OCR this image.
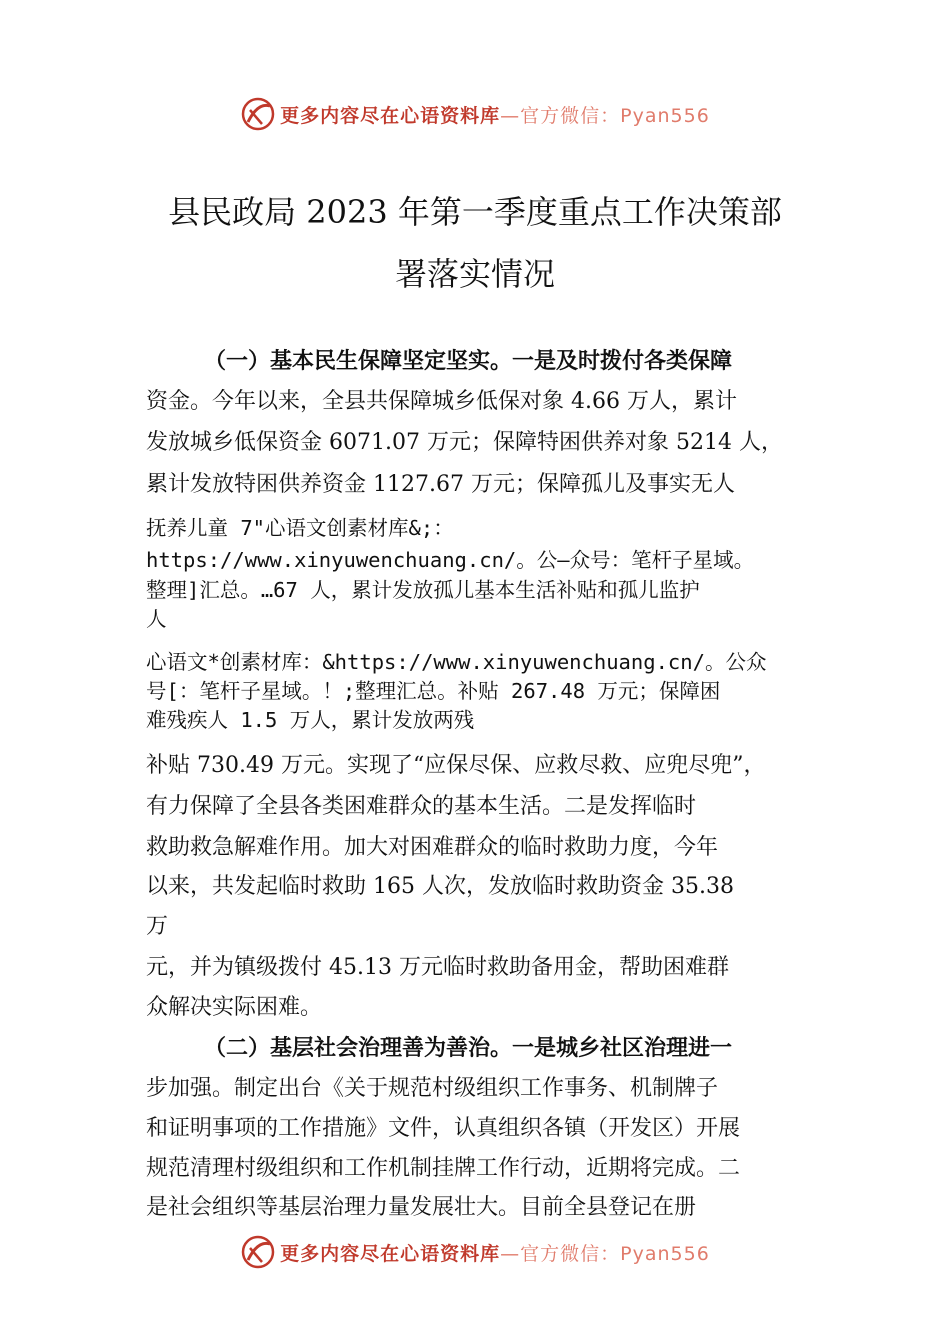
更多内容尽在心语资料库 —官方微信：Pyan556
县民政局 2023 年第一季度重点工作决策部
署落实情况
（一）基本民生保障坚定坚实。一是及时拨付各类保障
资金。今年以来，全县共保障城乡低保对象 4.66 万人，累计
发放城乡低保资金 6071.07 万元；保障特困供养对象 5214 人，
累计发放特困供养资金 1127.67 万元；保障孤儿及事实无人
抚养儿童 7"心语文创素材库&;：
https://www.xinyuwenchuang.cn/。公—众号：笔杆子星域。
整理]汇总。…67 人，累计发放孤儿基本生活补贴和孤儿监护
人
心语文*创素材库：&https://www.xinyuwenchuang.cn/。公众
号[：笔杆子星域。！;整理汇总。补贴 267.48 万元；保障困
难残疾人 1.5 万人，累计发放两残
补贴 730.49 万元。实现了“应保尽保、应救尽救、应兜尽兜”，
有力保障了全县各类困难群众的基本生活。二是发挥临时
救助救急解难作用。加大对困难群众的临时救助力度，今年
以来，共发起临时救助 165 人次，发放临时救助资金 35.38
万
元，并为镇级拨付 45.13 万元临时救助备用金，帮助困难群
众解决实际困难。
（二）基层社会治理善为善治。一是城乡社区治理进一
步加强。制定出台《关于规范村级组织工作事务、机制牌子
和证明事项的工作措施》文件，认真组织各镇（开发区）开展
规范清理村级组织和工作机制挂牌工作行动，近期将完成。二
是社会组织等基层治理力量发展壮大。目前全县登记在册
更多内容尽在心语资料库 —官方微信：Pyan556
